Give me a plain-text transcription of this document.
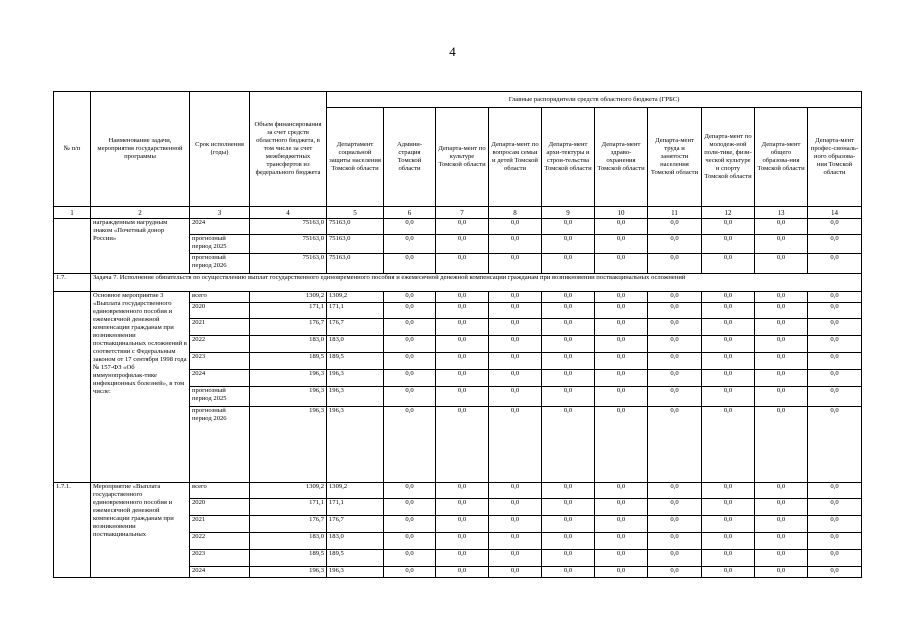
4
№ п/п	Наименование задачи, мероприятия государственной программы	Срок исполнения (годы)	Объем финансирования за счет средств областного бюджета, в том числе за счет межбюджетных трансфертов из федерального бюджета	Главные распорядители средств областного бюджета (ГРБС)									
				Департамент социальной защиты населения Томской области	Админи-страция Томской области	Департа-мент по культуре Томской области	Департа-мент по вопросам семьи и детей Томской области	Департа-мент архи-тектуры и строи-тельства Томской области	Департа-мент здраво-охранения Томской области	Департа-мент труда и занятости населения Томской области	Департа-мент по молодеж-ной поли-тике, физи-ческой культуре и спорту Томской области	Департа-мент общего образова-ния Томской области	Департа-мент профес-сиональ-ного образова-ния Томской области
1	2	3	4	5	6	7	8	9	10	11	12	13	14
	награжденным нагрудным знаком «Почетный донор России»	2024	75163,0	75163,0	0,0	0,0	0,0	0,0	0,0	0,0	0,0	0,0	0,0
		прогнозный период 2025	75163,0	75163,0	0,0	0,0	0,0	0,0	0,0	0,0	0,0	0,0	0,0
		прогнозный период 2026	75163,0	75163,0	0,0	0,0	0,0	0,0	0,0	0,0	0,0	0,0	0,0
1.7.	Задача 7. Исполнение обязательств по осуществлению выплат государственного единовременного пособия и ежемесячной денежной компенсации гражданам при возникновении поствакцинальных осложнений												
	Основное мероприятие 3 «Выплата государственного единовременного пособия и ежемесячной денежной компенсации гражданам при возникновении поствакцинальных осложнений в соответствии с Федеральным законом от 17 сентября 1998 года № 157-ФЗ «Об иммунопрофилак-тике инфекционных болезней», в том числе:	всего	1309,2	1309,2	0,0	0,0	0,0	0,0	0,0	0,0	0,0	0,0	0,0
		2020	171,1	171,1	0,0	0,0	0,0	0,0	0,0	0,0	0,0	0,0	0,0
		2021	176,7	176,7	0,0	0,0	0,0	0,0	0,0	0,0	0,0	0,0	0,0
		2022	183,0	183,0	0,0	0,0	0,0	0,0	0,0	0,0	0,0	0,0	0,0
		2023	189,5	189,5	0,0	0,0	0,0	0,0	0,0	0,0	0,0	0,0	0,0
		2024	196,3	196,3	0,0	0,0	0,0	0,0	0,0	0,0	0,0	0,0	0,0
		прогнозный период 2025	196,3	196,3	0,0	0,0	0,0	0,0	0,0	0,0	0,0	0,0	0,0
		прогнозный период 2026	196,3	196,3	0,0	0,0	0,0	0,0	0,0	0,0	0,0	0,0	0,0
1.7.1.	Мероприятие «Выплата государственного единовременного пособия и ежемесячной денежной компенсации гражданам при возникновении поствакцинальных	всего	1309,2	1309,2	0,0	0,0	0,0	0,0	0,0	0,0	0,0	0,0	0,0
		2020	171,1	171,1	0,0	0,0	0,0	0,0	0,0	0,0	0,0	0,0	0,0
		2021	176,7	176,7	0,0	0,0	0,0	0,0	0,0	0,0	0,0	0,0	0,0
		2022	183,0	183,0	0,0	0,0	0,0	0,0	0,0	0,0	0,0	0,0	0,0
		2023	189,5	189,5	0,0	0,0	0,0	0,0	0,0	0,0	0,0	0,0	0,0
		2024	196,3	196,3	0,0	0,0	0,0	0,0	0,0	0,0	0,0	0,0	0,0
